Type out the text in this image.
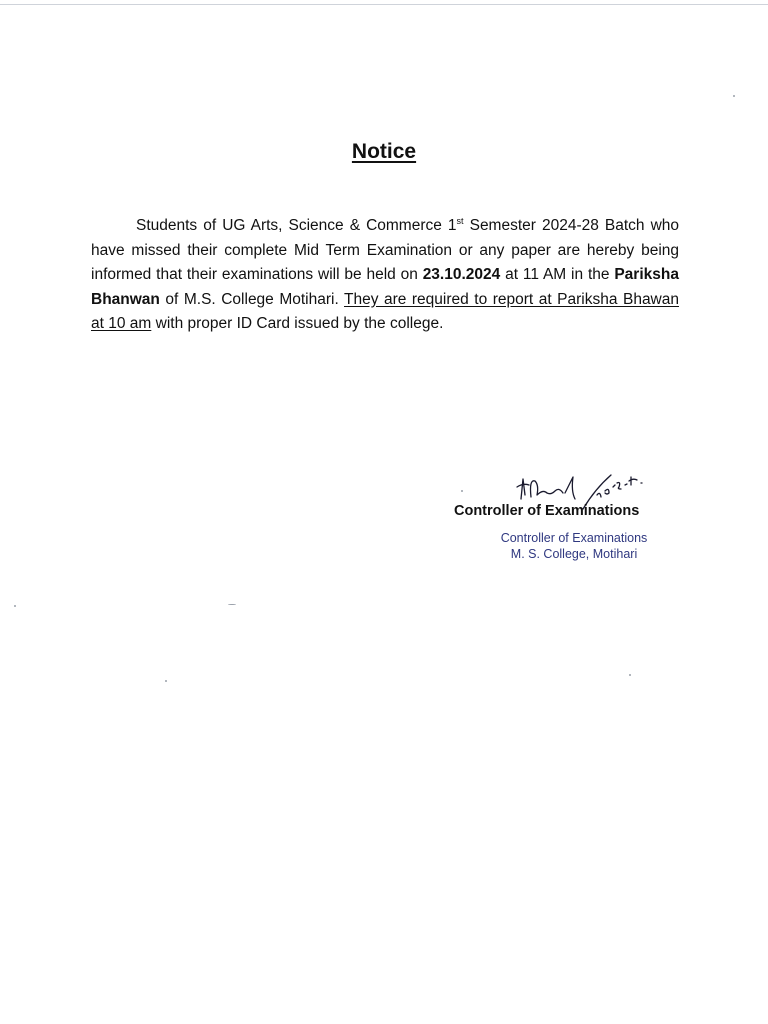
Notice

Students of UG Arts, Science & Commerce 1st Semester 2024-28 Batch who have missed their complete Mid Term Examination or any paper are hereby being informed that their examinations will be held on 23.10.2024 at 11 AM in the Pariksha Bhanwan of M.S. College Motihari. They are required to report at Pariksha Bhawan at 10 am with proper ID Card issued by the college.

Controller of Examinations

Controller of Examinations
M. S. College, Motihari
